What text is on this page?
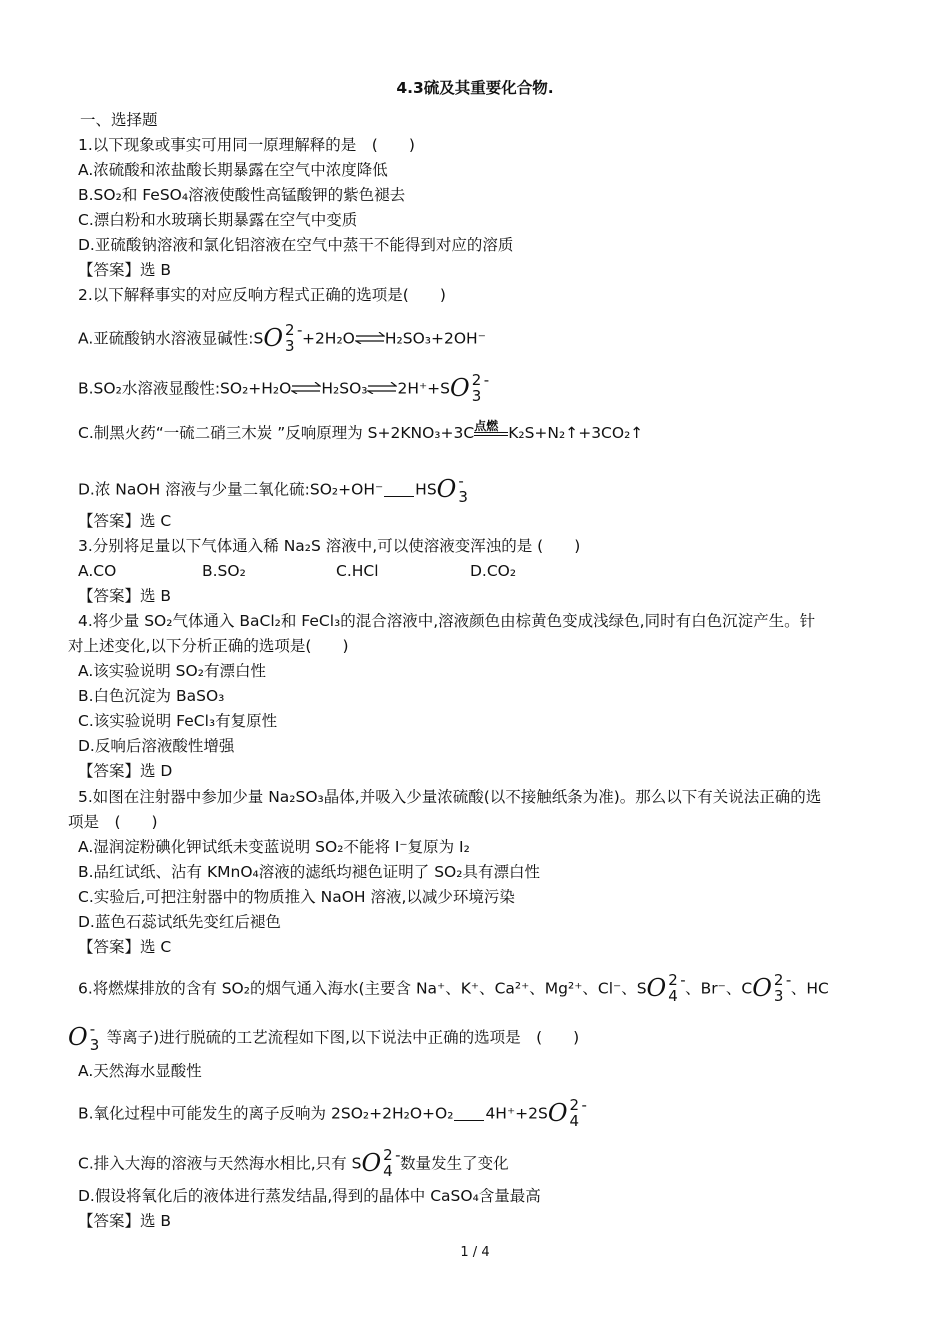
4.3硫及其重要化合物.
一、选择题
1.以下现象或事实可用同一原理解释的是　(　　)
A.浓硫酸和浓盐酸长期暴露在空气中浓度降低
B.SO₂和 FeSO₄溶液使酸性高锰酸钾的紫色褪去
C.漂白粉和水玻璃长期暴露在空气中变质
D.亚硫酸钠溶液和氯化铝溶液在空气中蒸干不能得到对应的溶质
【答案】选 B
2.以下解释事实的对应反响方程式正确的选项是(　　)
A.亚硫酸钠水溶液显碱性:SO 2 -
3 +2H₂O⇌H₂SO₃+2OH⁻
B.SO₂水溶液显酸性:SO₂+H₂O⇌H₂SO₃⇌2H⁺+SO 2 -
3
C.制黑火药“一硫二硝三木炭 ”反响原理为 S+2KNO₃+3C 点燃 K₂S+N₂↑+3CO₂↑
D.浓 NaOH 溶液与少量二氧化硫:SO₂+OH⁻ HSO -
3
【答案】选 C
3.分别将足量以下气体通入稀 Na₂S 溶液中,可以使溶液变浑浊的是 (　　)
A.CO	B.SO₂	C.HCl	D.CO₂
【答案】选 B
4.将少量 SO₂气体通入 BaCl₂和 FeCl₃的混合溶液中,溶液颜色由棕黄色变成浅绿色,同时有白色沉淀产生。针
对上述变化,以下分析正确的选项是(　　)
A.该实验说明 SO₂有漂白性
B.白色沉淀为 BaSO₃
C.该实验说明 FeCl₃有复原性
D.反响后溶液酸性增强
【答案】选 D
5.如图在注射器中参加少量 Na₂SO₃晶体,并吸入少量浓硫酸(以不接触纸条为准)。那么以下有关说法正确的选
项是　(　　)
A.湿润淀粉碘化钾试纸未变蓝说明 SO₂不能将 I⁻复原为 I₂
B.品红试纸、沾有 KMnO₄溶液的滤纸均褪色证明了 SO₂具有漂白性
C.实验后,可把注射器中的物质推入 NaOH 溶液,以减少环境污染
D.蓝色石蕊试纸先变红后褪色
【答案】选 C
6.将燃煤排放的含有 SO₂的烟气通入海水(主要含 Na⁺、K⁺、Ca²⁺、Mg²⁺、Cl⁻、SO 2 -
4 、Br⁻、CO 2 -
3 、HC
O -
3 等离子)进行脱硫的工艺流程如下图,以下说法中正确的选项是　(　　)
A.天然海水显酸性
B.氧化过程中可能发生的离子反响为 2SO₂+2H₂O+O₂ 4H⁺+2SO 2 -
4
C.排入大海的溶液与天然海水相比,只有 SO 2 -
4 数量发生了变化
D.假设将氧化后的液体进行蒸发结晶,得到的晶体中 CaSO₄含量最高
【答案】选 B
1 / 4
